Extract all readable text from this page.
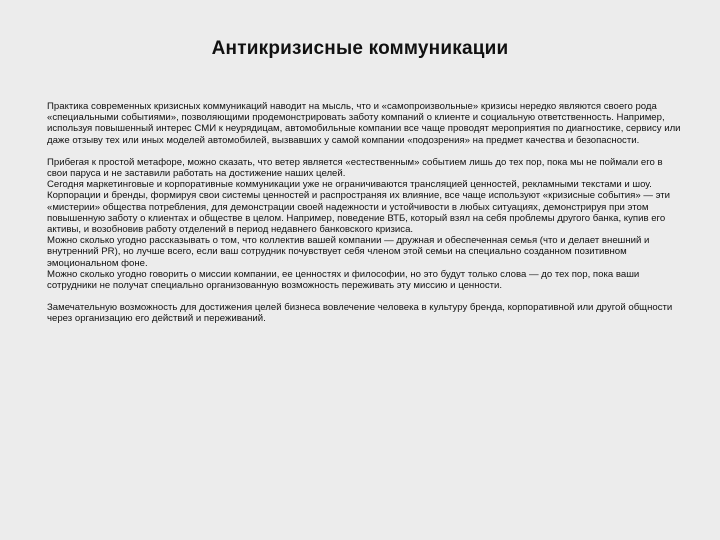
Антикризисные коммуникации

Практика современных кризисных коммуникаций наводит на мысль, что и «самопроизвольные» кризисы нередко являются своего рода «специальными событиями», позволяющими продемонстрировать заботу компаний о клиенте и социальную ответственность. Например, используя повышенный интерес СМИ к неурядицам, автомобильные компании все чаще проводят мероприятия по диагностике, сервису или даже отзыву тех или иных моделей автомобилей, вызвавших у самой компании «подозрения» на предмет качества и безопасности.

Прибегая к простой метафоре, можно сказать, что ветер является «естественным» событием лишь до тех пор, пока мы не поймали его в свои паруса и не заставили работать на достижение наших целей.

Сегодня маркетинговые и корпоративные коммуникации уже не ограничиваются трансляцией ценностей, рекламными текстами и шоу.

Корпорации и бренды, формируя свои системы ценностей и распространяя их влияние, все чаще используют «кризисные события» — эти «мистерии» общества потребления, для демонстрации своей надежности и устойчивости в любых ситуациях, демонстрируя при этом повышенную заботу о клиентах и обществе в целом. Например, поведение ВТБ, который взял на себя проблемы другого банка, купив его активы, и возобновив работу отделений в период недавнего банковского кризиса.

Можно сколько угодно рассказывать о том, что коллектив вашей компании — дружная и обеспеченная семья (что и делает внешний и внутренний PR), но лучше всего, если ваш сотрудник почувствует себя членом этой семьи на специально созданном позитивном эмоциональном фоне.

Можно сколько угодно говорить о миссии компании, ее ценностях и философии, но это будут только слова — до тех пор, пока ваши сотрудники не получат специально организованную возможность переживать эту миссию и ценности.

Замечательную возможность для достижения целей бизнеса вовлечение человека в культуру бренда, корпоративной или другой общности через организацию его действий и переживаний.
